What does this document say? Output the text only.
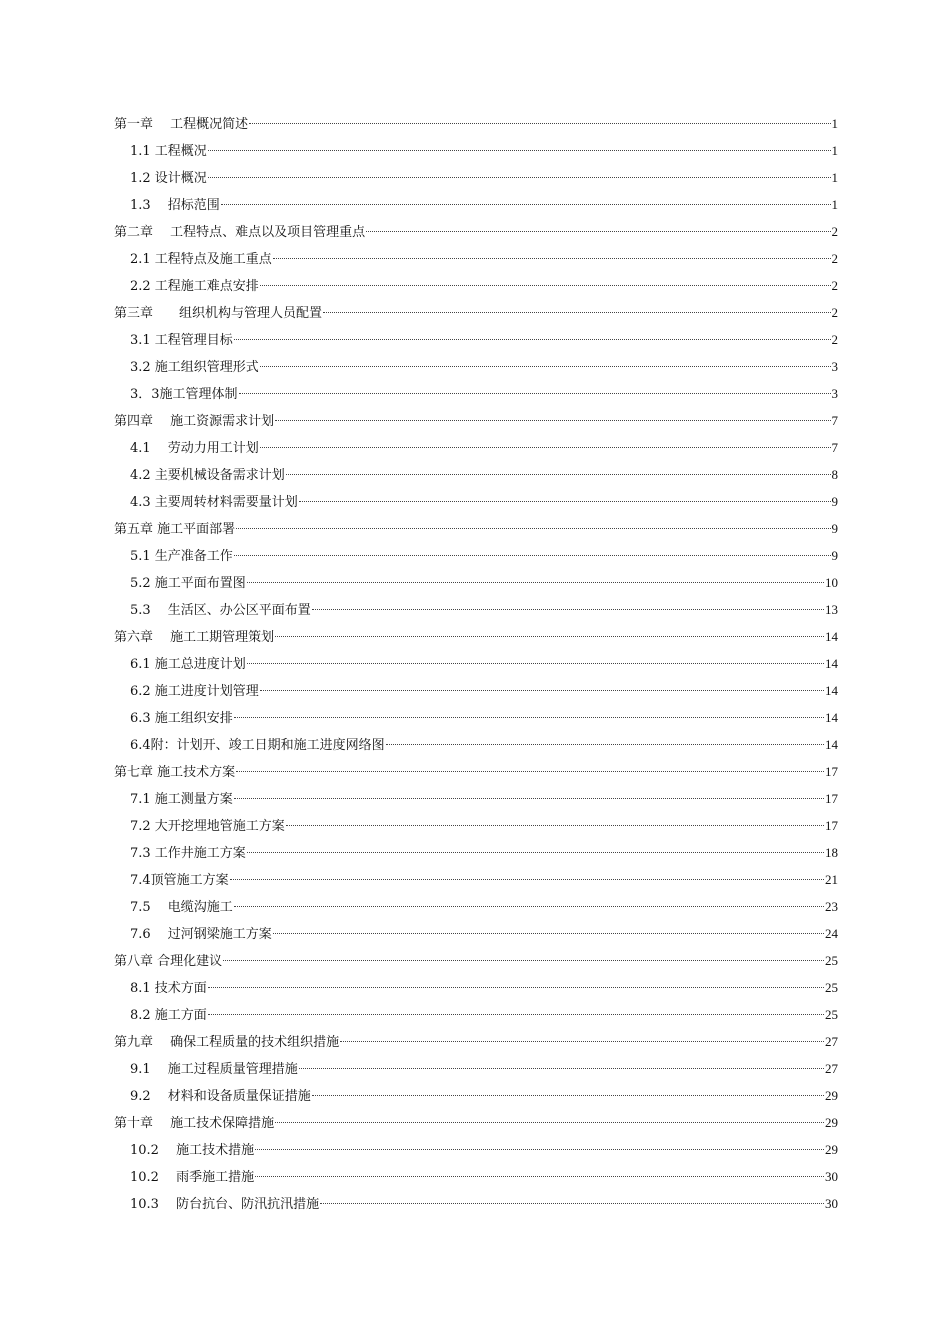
第一章　 工程概况简述	1
1.1 工程概况	1
1.2 设计概况	1
1.3　 招标范围	1
第二章　 工程特点、难点以及项目管理重点	2
2.1 工程特点及施工重点	2
2.2 工程施工难点安排	2
第三章　　组织机构与管理人员配置	2
3.1 工程管理目标	2
3.2 施工组织管理形式	3
3．3施工管理体制	3
第四章　 施工资源需求计划	7
4.1　 劳动力用工计划	7
4.2 主要机械设备需求计划	8
4.3 主要周转材料需要量计划	9
第五章 施工平面部署	9
5.1 生产准备工作	9
5.2 施工平面布置图	10
5.3　 生活区、办公区平面布置	13
第六章　 施工工期管理策划	14
6.1 施工总进度计划	14
6.2 施工进度计划管理	14
6.3 施工组织安排	14
6.4附：计划开、竣工日期和施工进度网络图	14
第七章 施工技术方案	17
7.1 施工测量方案	17
7.2 大开挖埋地管施工方案	17
7.3 工作井施工方案	18
7.4顶管施工方案	21
7.5　 电缆沟施工	23
7.6　 过河钢梁施工方案	24
第八章 合理化建议	25
8.1 技术方面	25
8.2 施工方面	25
第九章　 确保工程质量的技术组织措施	27
9.1　 施工过程质量管理措施	27
9.2　 材料和设备质量保证措施	29
第十章　 施工技术保障措施	29
10.2　 施工技术措施	29
10.2　 雨季施工措施	30
10.3　 防台抗台、防汛抗汛措施	30
